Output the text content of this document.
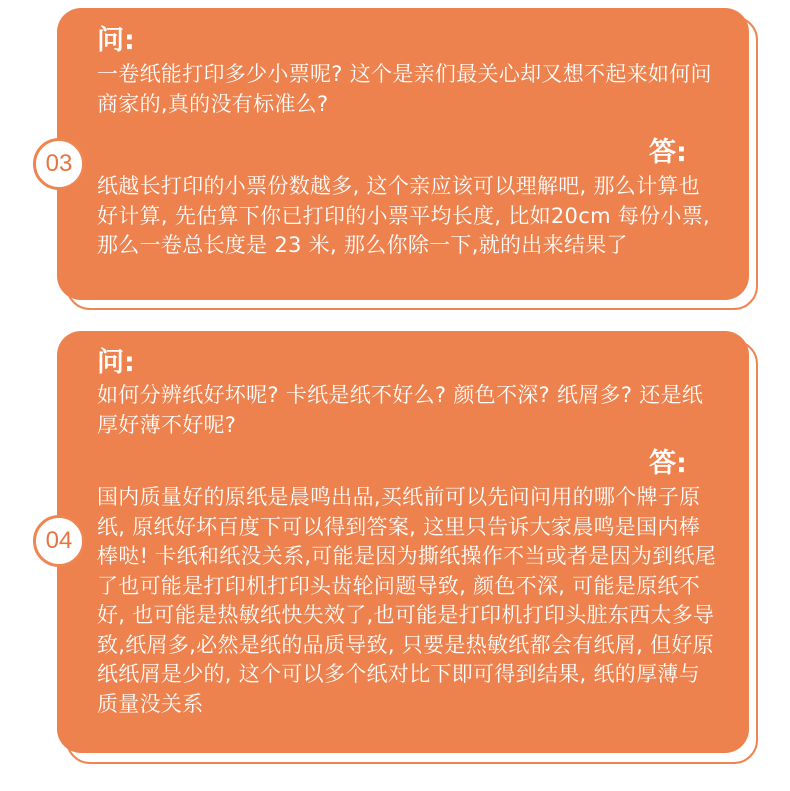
问:
一卷纸能打印多少小票呢? 这个是亲们最关心却又想不起来如何问商家的,真的没有标准么?
答:
纸越长打印的小票份数越多, 这个亲应该可以理解吧, 那么计算也好计算, 先估算下你已打印的小票平均长度, 比如20cm 每份小票, 那么一卷总长度是 23 米, 那么你除一下,就的出来结果了
03
问:
如何分辨纸好坏呢? 卡纸是纸不好么? 颜色不深? 纸屑多? 还是纸厚好薄不好呢?
答:
国内质量好的原纸是晨鸣出品,买纸前可以先问问用的哪个牌子原纸, 原纸好坏百度下可以得到答案, 这里只告诉大家晨鸣是国内棒棒哒! 卡纸和纸没关系,可能是因为撕纸操作不当或者是因为到纸尾了也可能是打印机打印头齿轮问题导致, 颜色不深, 可能是原纸不好, 也可能是热敏纸快失效了,也可能是打印机打印头脏东西太多导致,纸屑多,必然是纸的品质导致, 只要是热敏纸都会有纸屑, 但好原纸纸屑是少的, 这个可以多个纸对比下即可得到结果, 纸的厚薄与质量没关系
04
